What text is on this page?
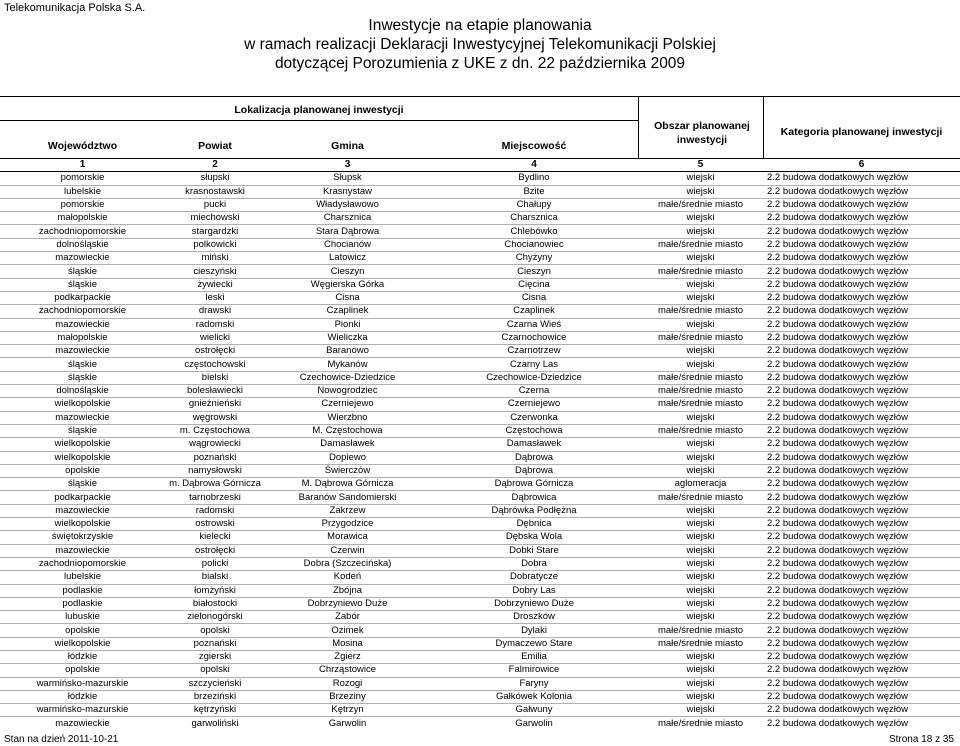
Telekomunikacja Polska S.A.
Inwestycje na etapie planowania
w ramach realizacji Deklaracji Inwestycyjnej Telekomunikacji Polskiej
dotyczącej Porozumienia z UKE z dn. 22 października 2009
Lokalizacja planowanej inwestycji
Województwo	Powiat	Gmina	Miejscowość
Obszar planowanej inwestycji
Kategoria planowanej inwestycji
1	2	3	4	5	6
pomorskie	słupski	Słupsk	Bydlino	wiejski	2.2 budowa dodatkowych węzłów
lubelskie	krasnostawski	Krasnystaw	Bzite	wiejski	2.2 budowa dodatkowych węzłów
pomorskie	pucki	Władysławowo	Chałupy	małe/średnie miasto	2.2 budowa dodatkowych węzłów
małopolskie	miechowski	Charsznica	Charsznica	wiejski	2.2 budowa dodatkowych węzłów
zachodniopomorskie	stargardzki	Stara Dąbrowa	Chlebówko	wiejski	2.2 budowa dodatkowych węzłów
dolnośląskie	polkowicki	Chocianów	Chocianowiec	małe/średnie miasto	2.2 budowa dodatkowych węzłów
mazowieckie	miński	Latowicz	Chyżyny	wiejski	2.2 budowa dodatkowych węzłów
śląskie	cieszyński	Cieszyn	Cieszyn	małe/średnie miasto	2.2 budowa dodatkowych węzłów
śląskie	żywiecki	Węgierska Górka	Cięcina	wiejski	2.2 budowa dodatkowych węzłów
podkarpackie	leski	Cisna	Cisna	wiejski	2.2 budowa dodatkowych węzłów
zachodniopomorskie	drawski	Czaplinek	Czaplinek	małe/średnie miasto	2.2 budowa dodatkowych węzłów
mazowieckie	radomski	Pionki	Czarna Wieś	wiejski	2.2 budowa dodatkowych węzłów
małopolskie	wielicki	Wieliczka	Czarnochowice	małe/średnie miasto	2.2 budowa dodatkowych węzłów
mazowieckie	ostrołęcki	Baranowo	Czarnotrzew	wiejski	2.2 budowa dodatkowych węzłów
śląskie	częstochowski	Mykanów	Czarny Las	wiejski	2.2 budowa dodatkowych węzłów
śląskie	bielski	Czechowice-Dziedzice	Czechowice-Dziedzice	małe/średnie miasto	2.2 budowa dodatkowych węzłów
dolnośląskie	bolesławiecki	Nowogrodziec	Czerna	małe/średnie miasto	2.2 budowa dodatkowych węzłów
wielkopolskie	gnieźnieński	Czerniejewo	Czerniejewo	małe/średnie miasto	2.2 budowa dodatkowych węzłów
mazowieckie	węgrowski	Wierzbno	Czerwonka	wiejski	2.2 budowa dodatkowych węzłów
śląskie	m. Częstochowa	M. Częstochowa	Częstochowa	małe/średnie miasto	2.2 budowa dodatkowych węzłów
wielkopolskie	wągrowiecki	Damasławek	Damasławek	wiejski	2.2 budowa dodatkowych węzłów
wielkopolskie	poznański	Dopiewo	Dąbrowa	wiejski	2.2 budowa dodatkowych węzłów
opolskie	namysłowski	Świerczów	Dąbrowa	wiejski	2.2 budowa dodatkowych węzłów
śląskie	m. Dąbrowa Górnicza	M. Dąbrowa Górnicza	Dąbrowa Górnicza	aglomeracja	2.2 budowa dodatkowych węzłów
podkarpackie	tarnobrzeski	Baranów Sandomierski	Dąbrowica	małe/średnie miasto	2.2 budowa dodatkowych węzłów
mazowieckie	radomski	Zakrzew	Dąbrówka Podłężna	wiejski	2.2 budowa dodatkowych węzłów
wielkopolskie	ostrowski	Przygodzice	Dębnica	wiejski	2.2 budowa dodatkowych węzłów
świętokrzyskie	kielecki	Morawica	Dębska Wola	wiejski	2.2 budowa dodatkowych węzłów
mazowieckie	ostrołęcki	Czerwin	Dobki Stare	wiejski	2.2 budowa dodatkowych węzłów
zachodniopomorskie	policki	Dobra (Szczecińska)	Dobra	wiejski	2.2 budowa dodatkowych węzłów
lubelskie	bialski	Kodeń	Dobratycze	wiejski	2.2 budowa dodatkowych węzłów
podlaskie	łomżyński	Zbójna	Dobry Las	wiejski	2.2 budowa dodatkowych węzłów
podlaskie	białostocki	Dobrzyniewo Duże	Dobrzyniewo Duże	wiejski	2.2 budowa dodatkowych węzłów
lubuskie	zielonogórski	Zabór	Droszków	wiejski	2.2 budowa dodatkowych węzłów
opolskie	opolski	Ozimek	Dylaki	małe/średnie miasto	2.2 budowa dodatkowych węzłów
wielkopolskie	poznański	Mosina	Dymaczewo Stare	małe/średnie miasto	2.2 budowa dodatkowych węzłów
łódzkie	zgierski	Zgierz	Emilia	wiejski	2.2 budowa dodatkowych węzłów
opolskie	opolski	Chrząstowice	Falmirowice	wiejski	2.2 budowa dodatkowych węzłów
warmińsko-mazurskie	szczycieński	Rozogi	Faryny	wiejski	2.2 budowa dodatkowych węzłów
łódzkie	brzeziński	Brzeziny	Gałkówek Kolonia	wiejski	2.2 budowa dodatkowych węzłów
warmińsko-mazurskie	kętrzyński	Kętrzyn	Gałwuny	wiejski	2.2 budowa dodatkowych węzłów
mazowieckie	garwoliński	Garwolin	Garwolin	małe/średnie miasto	2.2 budowa dodatkowych węzłów
Stan na dzień 2011-10-21	Strona 18 z 35
